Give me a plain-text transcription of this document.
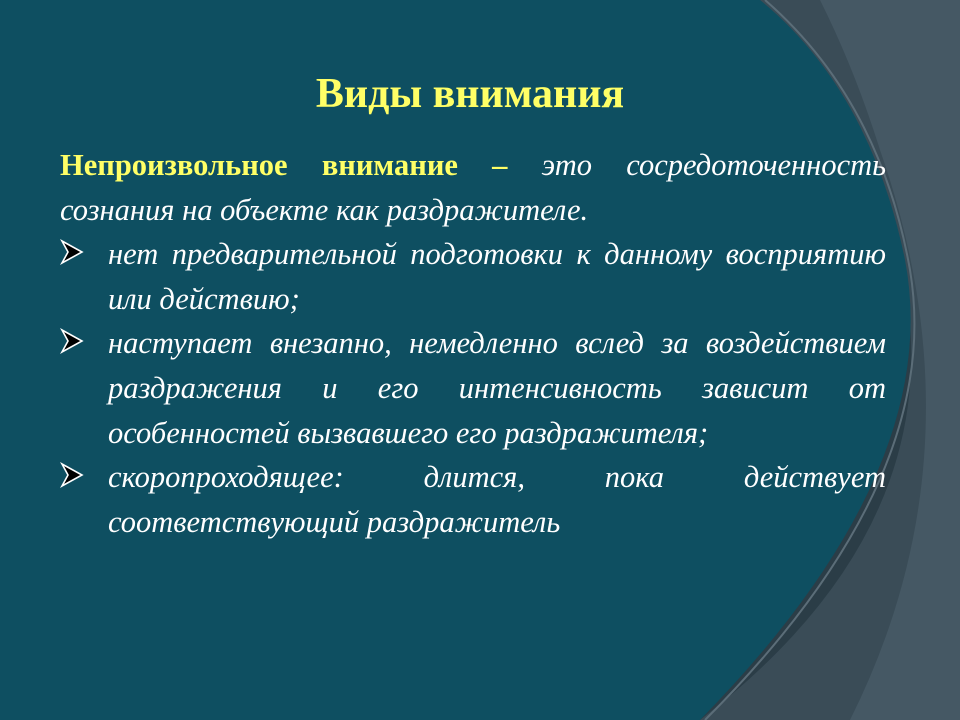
Виды внимания
Непроизвольное внимание – это сосредоточенность сознания на объекте как раздражителе.
нет предварительной подготовки к данному восприятию или действию;
наступает внезапно, немедленно вслед за воздействием раздражения и его интенсивность зависит от особенностей вызвавшего его раздражителя;
скоропроходящее: длится, пока действует соответствующий раздражитель
